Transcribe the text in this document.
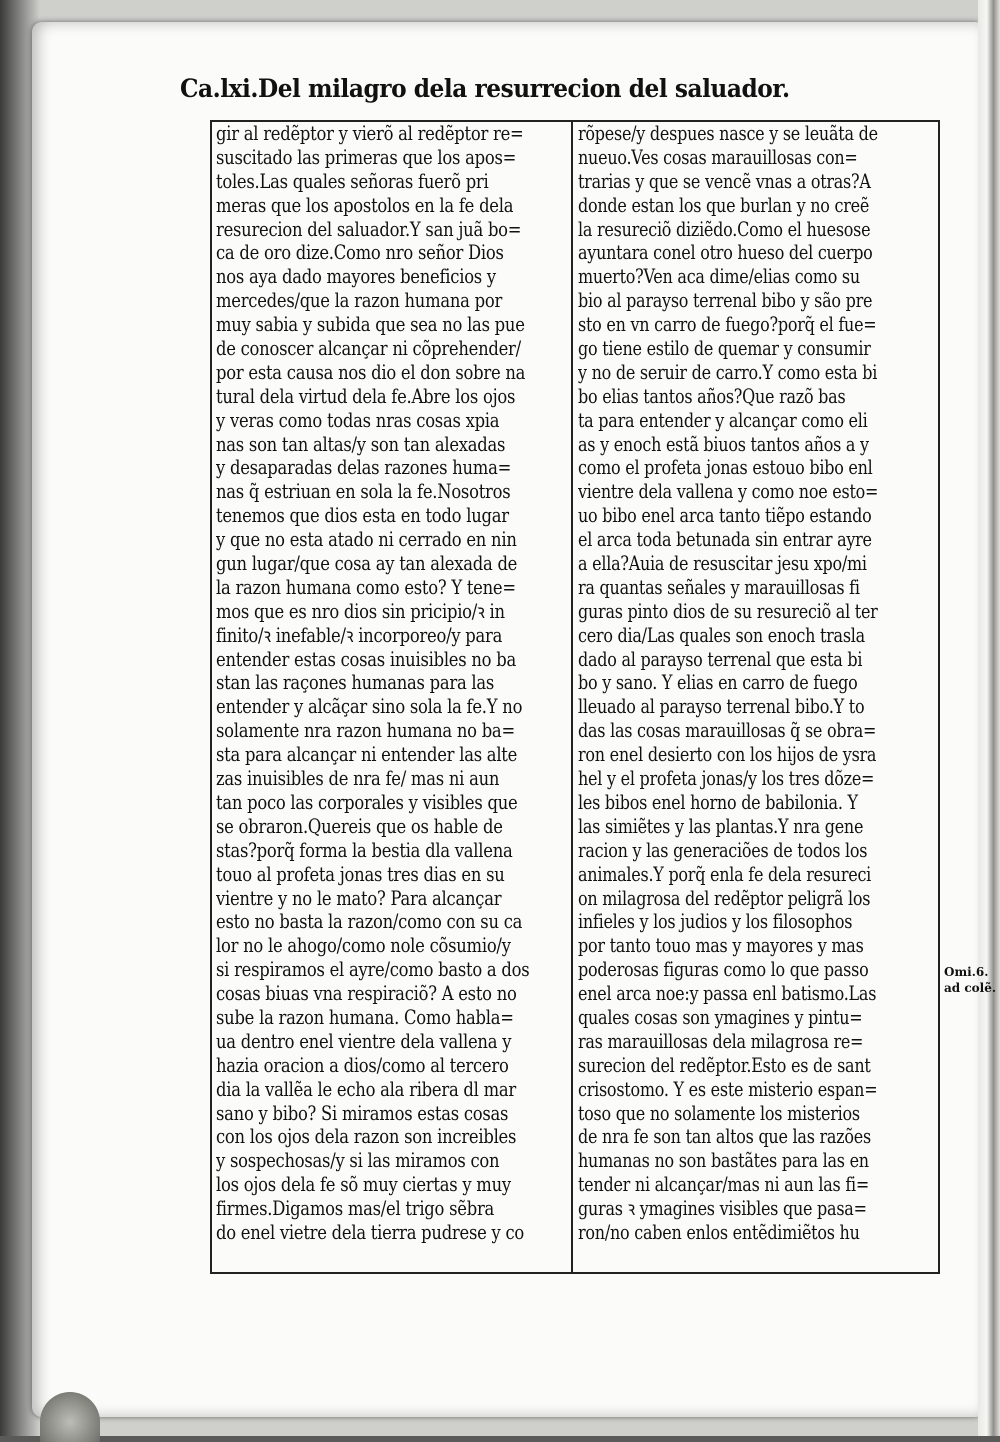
Ca.lxi.Del milagro dela resurrecion del saluador.
gir al redẽptor y vierõ al redẽptor re=
suscitado las primeras que los apos=
toles.Las quales señoras fuerõ pri
meras que los apostolos en la fe dela
resurecion del saluador.Y san juã bo=
ca de oro dize.Como nro señor Dios
nos aya dado mayores beneficios y
mercedes/que la razon humana por
muy sabia y subida que sea no las pue
de conoscer alcançar ni cõprehender/
por esta causa nos dio el don sobre na
tural dela virtud dela fe.Abre los ojos
y veras como todas nras cosas xpia
nas son tan altas/y son tan alexadas
y desaparadas delas razones huma=
nas q̃ estriuan en sola la fe.Nosotros
tenemos que dios esta en todo lugar
y que no esta atado ni cerrado en nin
gun lugar/que cosa ay tan alexada de
la razon humana como esto? Y tene=
mos que es nro dios sin pricipio/ꝛ in
finito/ꝛ inefable/ꝛ incorporeo/y para
entender estas cosas inuisibles no ba
stan las raçones humanas para las
entender y alcãçar sino sola la fe.Y no
solamente nra razon humana no ba=
sta para alcançar ni entender las alte
zas inuisibles de nra fe/ mas ni aun
tan poco las corporales y visibles que
se obraron.Quereis que os hable de
stas?porq̃ forma la bestia dla vallena
touo al profeta jonas tres dias en su
vientre y no le mato? Para alcançar
esto no basta la razon/como con su ca
lor no le ahogo/como nole cõsumio/y
si respiramos el ayre/como basto a dos
cosas biuas vna respiraciõ? A esto no
sube la razon humana. Como habla=
ua dentro enel vientre dela vallena y
hazia oracion a dios/como al tercero
dia la vallẽa le echo ala ribera dl mar
sano y bibo? Si miramos estas cosas
con los ojos dela razon son increibles
y sospechosas/y si las miramos con
los ojos dela fe sõ muy ciertas y muy
firmes.Digamos mas/el trigo sẽbra
do enel vietre dela tierra pudrese y co
rõpese/y despues nasce y se leuãta de
nueuo.Ves cosas marauillosas con=
trarias y que se vencẽ vnas a otras?A
donde estan los que burlan y no creẽ
la resureciõ diziẽdo.Como el huesose
ayuntara conel otro hueso del cuerpo
muerto?Ven aca dime/elias como su
bio al parayso terrenal bibo y são pre
sto en vn carro de fuego?porq̃ el fue=
go tiene estilo de quemar y consumir
y no de seruir de carro.Y como esta bi
bo elias tantos años?Que razõ bas
ta para entender y alcançar como eli
as y enoch estã biuos tantos años a y
como el profeta jonas estouo bibo enl
vientre dela vallena y como noe esto=
uo bibo enel arca tanto tiẽpo estando
el arca toda betunada sin entrar ayre
a ella?Auia de resuscitar jesu xpo/mi
ra quantas señales y marauillosas fi
guras pinto dios de su resureciõ al ter
cero dia/Las quales son enoch trasla
dado al parayso terrenal que esta bi
bo y sano. Y elias en carro de fuego
lleuado al parayso terrenal bibo.Y to
das las cosas marauillosas q̃ se obra=
ron enel desierto con los hijos de ysra
hel y el profeta jonas/y los tres dõze=
les bibos enel horno de babilonia. Y
las simiẽtes y las plantas.Y nra gene
racion y las generaciões de todos los
animales.Y porq̃ enla fe dela resureci
on milagrosa del redẽptor peligrã los
infieles y los judios y los filosophos
por tanto touo mas y mayores y mas
poderosas figuras como lo que passo
enel arca noe:y passa enl batismo.Las
quales cosas son ymagines y pintu=
ras marauillosas dela milagrosa re=
surecion del redẽptor.Esto es de sant
crisostomo. Y es este misterio espan=
toso que no solamente los misterios
de nra fe son tan altos que las razões
humanas no son bastãtes para las en
tender ni alcançar/mas ni aun las fi=
guras ꝛ ymagines visibles que pasa=
ron/no caben enlos entẽdimiẽtos hu
Omi.6.
ad colẽ.
